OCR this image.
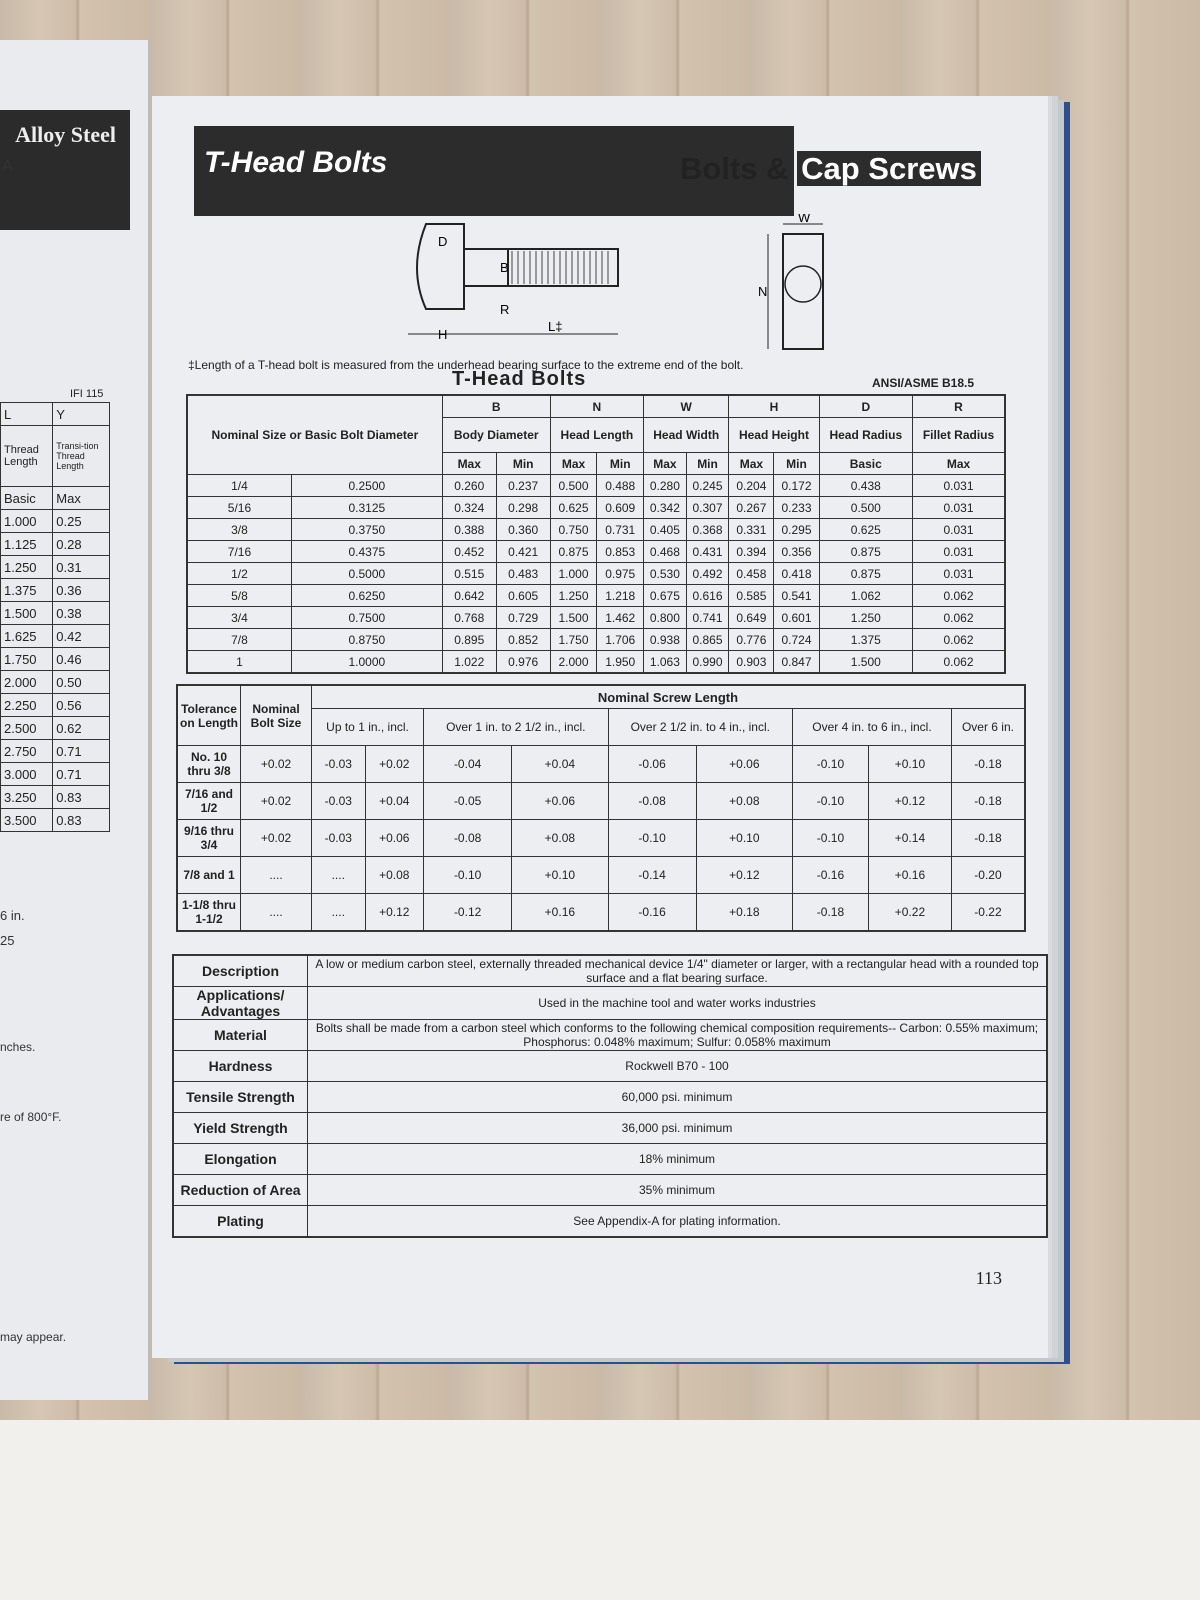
Alloy Steel
A
IFI 115
L	Y
Thread Length	Transi-tion Thread Length
Basic	Max
1.000	0.25
1.125	0.28
1.250	0.31
1.375	0.36
1.500	0.38
1.625	0.42
1.750	0.46
2.000	0.50
2.250	0.56
2.500	0.62
2.750	0.71
3.000	0.71
3.250	0.83
3.500	0.83
6 in.
25
nches.
re of 800°F.
may appear.
T-Head Bolts	Bolts & Cap Screws
H
L‡
D
B
R
N
W
‡Length of a T-head bolt is measured from the underhead bearing surface to the extreme end of the bolt.
T-Head Bolts	ANSI/ASME B18.5
Nominal Size or Basic Bolt Diameter		B		N		W		H		D	R
		Body Diameter		Head Length		Head Width		Head Height		Head Radius	Fillet Radius
		Max	Min	Max	Min	Max	Min	Max	Min	Basic	Max
1/4	0.2500	0.260	0.237	0.500	0.488	0.280	0.245	0.204	0.172	0.438	0.031
5/16	0.3125	0.324	0.298	0.625	0.609	0.342	0.307	0.267	0.233	0.500	0.031
3/8	0.3750	0.388	0.360	0.750	0.731	0.405	0.368	0.331	0.295	0.625	0.031
7/16	0.4375	0.452	0.421	0.875	0.853	0.468	0.431	0.394	0.356	0.875	0.031
1/2	0.5000	0.515	0.483	1.000	0.975	0.530	0.492	0.458	0.418	0.875	0.031
5/8	0.6250	0.642	0.605	1.250	1.218	0.675	0.616	0.585	0.541	1.062	0.062
3/4	0.7500	0.768	0.729	1.500	1.462	0.800	0.741	0.649	0.601	1.250	0.062
7/8	0.8750	0.895	0.852	1.750	1.706	0.938	0.865	0.776	0.724	1.375	0.062
1	1.0000	1.022	0.976	2.000	1.950	1.063	0.990	0.903	0.847	1.500	0.062
Tolerance on Length	Nominal Bolt Size	Nominal Screw Length								
		Up to 1 in., incl.		Over 1 in. to 2 1/2 in., incl.		Over 2 1/2 in. to 4 in., incl.		Over 4 in. to 6 in., incl.		Over 6 in.
No. 10 thru 3/8	+0.02	-0.03	+0.02	-0.04	+0.04	-0.06	+0.06	-0.10	+0.10	-0.18
7/16 and 1/2	+0.02	-0.03	+0.04	-0.05	+0.06	-0.08	+0.08	-0.10	+0.12	-0.18
9/16 thru 3/4	+0.02	-0.03	+0.06	-0.08	+0.08	-0.10	+0.10	-0.10	+0.14	-0.18
7/8 and 1	....	....	+0.08	-0.10	+0.10	-0.14	+0.12	-0.16	+0.16	-0.20
1-1/8 thru 1-1/2	....	....	+0.12	-0.12	+0.16	-0.16	+0.18	-0.18	+0.22	-0.22
Description	A low or medium carbon steel, externally threaded mechanical device 1/4" diameter or larger, with a rectangular head with a rounded top surface and a flat bearing surface.
Applications/ Advantages	Used in the machine tool and water works industries
Material	Bolts shall be made from a carbon steel which conforms to the following chemical composition requirements-- Carbon: 0.55% maximum; Phosphorus: 0.048% maximum; Sulfur: 0.058% maximum
Hardness	Rockwell B70 - 100
Tensile Strength	60,000 psi. minimum
Yield Strength	36,000 psi. minimum
Elongation	18% minimum
Reduction of Area	35% minimum
Plating	See Appendix-A for plating information.
113
